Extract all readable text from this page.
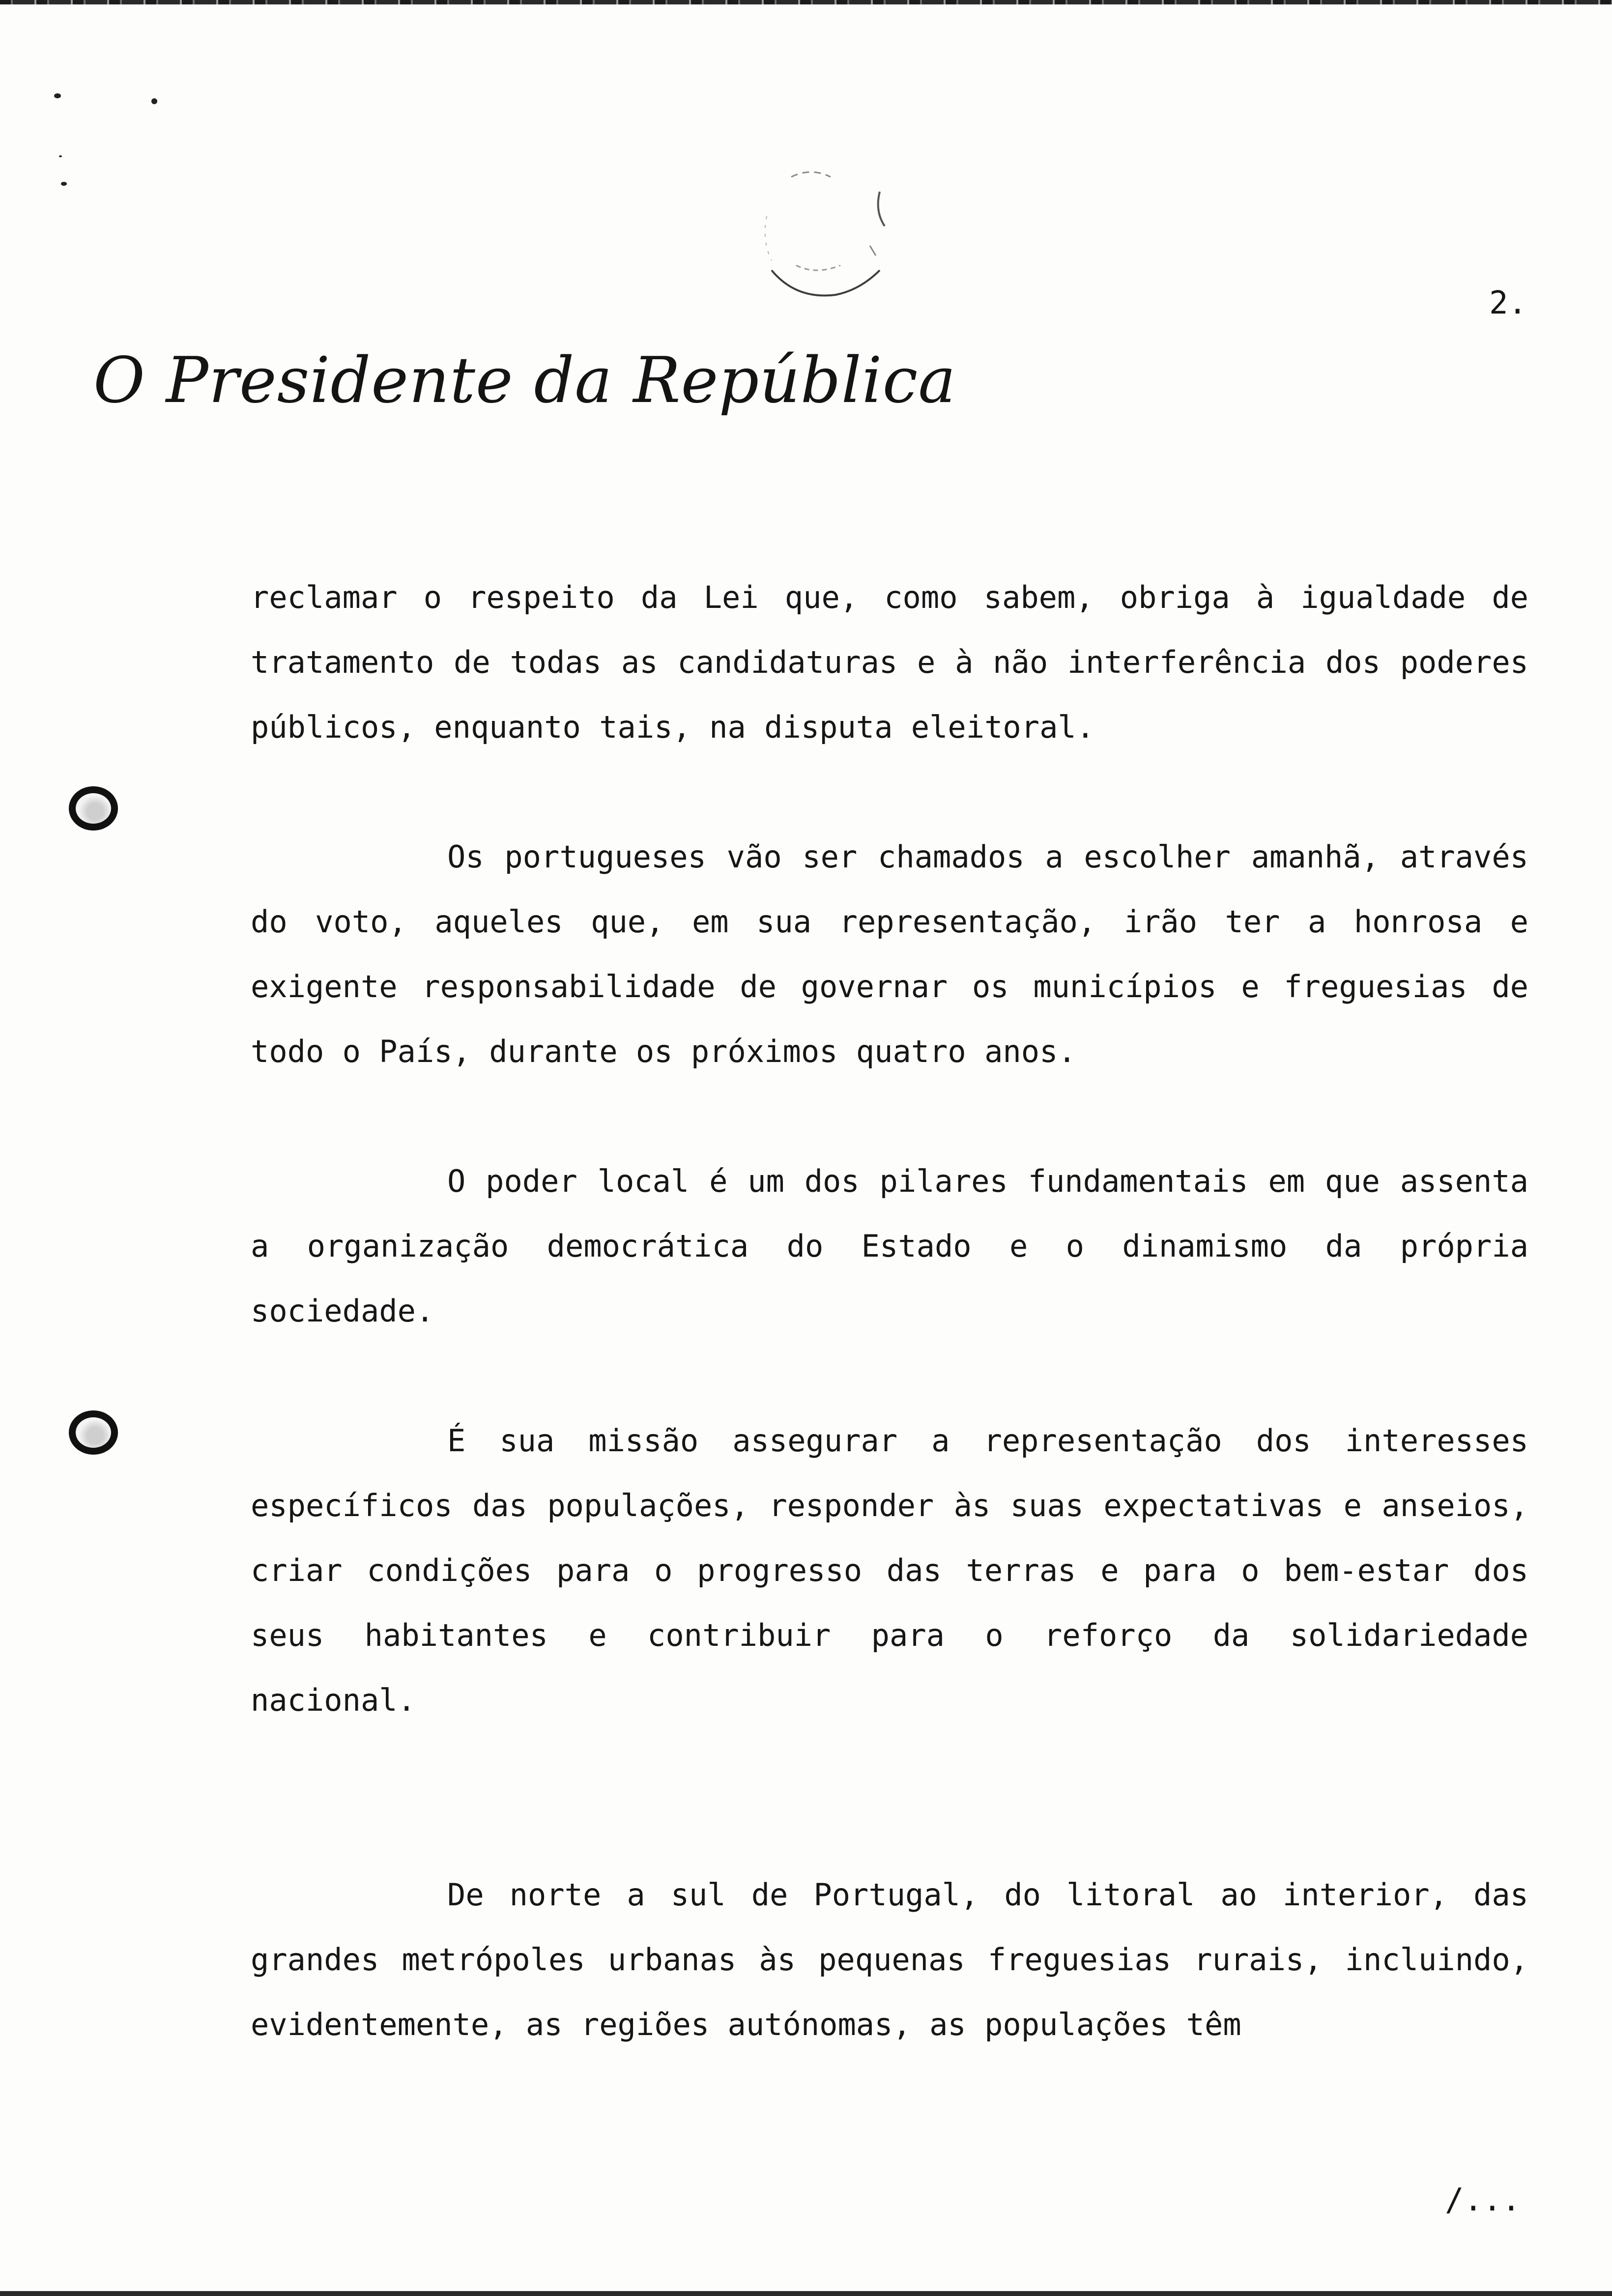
O Presidente da República
2.

reclamar o respeito da Lei que, como sabem, obriga à igualdade de tratamento de todas as candidaturas e à não interferência dos poderes públicos, enquanto tais, na disputa eleitoral.

Os portugueses vão ser chamados a escolher amanhã, através do voto, aqueles que, em sua representação, irão ter a honrosa e exigente responsabilidade de governar os municípios e freguesias de todo o País, durante os próximos quatro anos.

O poder local é um dos pilares fundamentais em que assenta a organização democrática do Estado e o dinamismo da própria sociedade.

É sua missão assegurar a representação dos interesses específicos das populações, responder às suas expectativas e anseios, criar condições para o progresso das terras e para o bem-estar dos seus habitantes e contribuir para o reforço da solidariedade nacional.

De norte a sul de Portugal, do litoral ao interior, das grandes metrópoles urbanas às pequenas freguesias rurais, incluindo, evidentemente, as regiões autónomas, as populações têm

/...
